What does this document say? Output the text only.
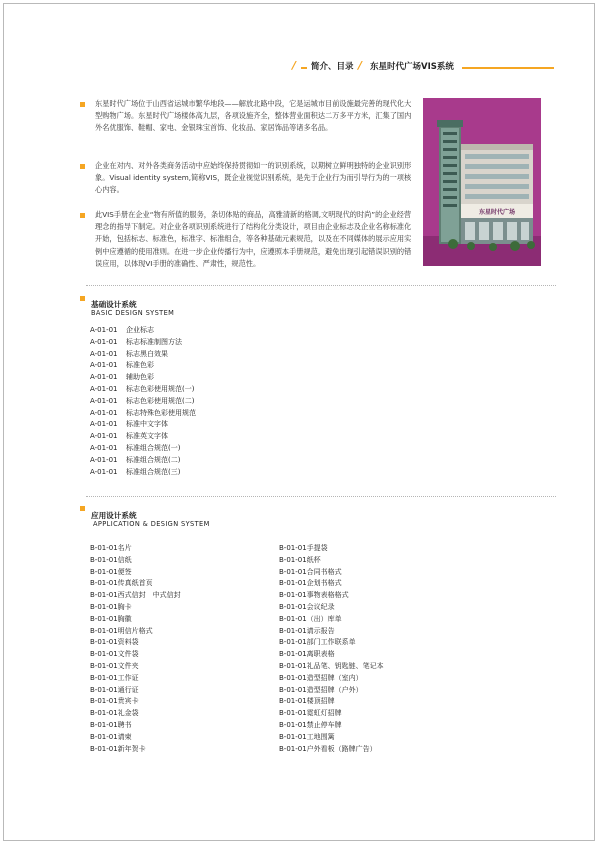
/ 简介、目录 / 东星时代广场VIS系统
东星时代广场位于山西省运城市繁华地段——解放北路中段，它是运城市目前设施最完善的现代化大型购物广场。东星时代广场楼体高九层，各项设施齐全，整体营业面积达二万多平方米，汇集了国内外名优服饰、鞋帽、家电、金银珠宝首饰、化妆品、家居饰品等诸多名品。
企业在对内、对外各类商务活动中应始终保持贯彻如一的识别系统，以期树立鲜明独特的企业识别形象。Visual identity system,简称VIS，既企业视觉识别系统，是先于企业行为而引导行为的一项核心内容。
此VIS手册在企业“物有所值的服务，条切体贴的商品，高雅清新的格调,文明现代的时尚”的企业经营理念的指导下制定。对企业各项识别系统进行了结构化分类设计，项目由企业标志及企业名称标准化开始，包括标志、标准色，标准字、标准组合，等各种基础元素规范，以及在不同媒体的展示应用实例中应遵循的使用准则。在进一步企业传播行为中，应遵照本手册规范，避免出现引起错误识别的错误应用，以体现VI手册的准确性、严肃性，规范性。
东星时代广场
基础设计系统
BASIC DESIGN SYSTEM
A-01-01 企业标志
A-01-01 标志标准制图方法
A-01-01 标志黑白效果
A-01-01 标准色彩
A-01-01 辅助色彩
A-01-01 标志色彩使用规范(一)
A-01-01 标志色彩使用规范(二)
A-01-01 标志特殊色彩使用规范
A-01-01 标准中文字体
A-01-01 标准英文字体
A-01-01 标准组合规范(一)
A-01-01 标准组合规范(二)
A-01-01 标准组合规范(三)
应用设计系统
APPLICATION & DESIGN SYSTEM
B-01-01名片
B-01-01信纸
B-01-01便签
B-01-01传真纸首页
B-01-01西式信封　中式信封
B-01-01胸卡
B-01-01胸徽
B-01-01明信片格式
B-01-01资料袋
B-01-01文件袋
B-01-01文件夹
B-01-01工作证
B-01-01通行证
B-01-01贵宾卡
B-01-01礼金袋
B-01-01聘书
B-01-01请柬
B-01-01新年贺卡
B-01-01手提袋
B-01-01纸杯
B-01-01合同书格式
B-01-01企划书格式
B-01-01事物表格格式
B-01-01会议纪录
B-01-01（出）库单
B-01-01请示报告
B-01-01部门工作联系单
B-01-01离职表格
B-01-01礼品笔、钥匙链、笔记本
B-01-01造型招牌（室内）
B-01-01造型招牌（户外）
B-01-01楼顶招牌
B-01-01霓虹灯招牌
B-01-01禁止停车牌
B-01-01工地围篱
B-01-01户外看板（路牌广告）
